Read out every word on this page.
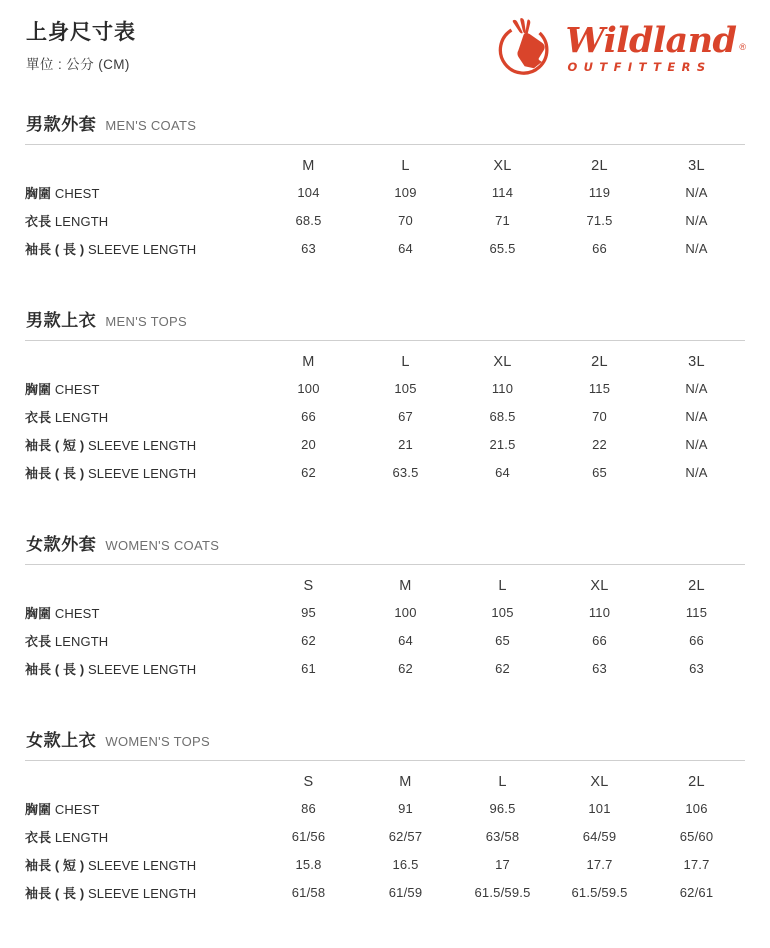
上身尺寸表
單位 : 公分 (CM)
Wildland ®
OUTFITTERS
男款外套 MEN'S COATS
	M	L	XL	2L	3L
胸圍 CHEST	104	109	114	119	N/A
衣長 LENGTH	68.5	70	71	71.5	N/A
袖長 ( 長 ) SLEEVE LENGTH	63	64	65.5	66	N/A
男款上衣 MEN'S TOPS
	M	L	XL	2L	3L
胸圍 CHEST	100	105	110	115	N/A
衣長 LENGTH	66	67	68.5	70	N/A
袖長 ( 短 ) SLEEVE LENGTH	20	21	21.5	22	N/A
袖長 ( 長 ) SLEEVE LENGTH	62	63.5	64	65	N/A
女款外套 WOMEN'S COATS
	S	M	L	XL	2L
胸圍 CHEST	95	100	105	110	115
衣長 LENGTH	62	64	65	66	66
袖長 ( 長 ) SLEEVE LENGTH	61	62	62	63	63
女款上衣 WOMEN'S TOPS
	S	M	L	XL	2L
胸圍 CHEST	86	91	96.5	101	106
衣長 LENGTH	61/56	62/57	63/58	64/59	65/60
袖長 ( 短 ) SLEEVE LENGTH	15.8	16.5	17	17.7	17.7
袖長 ( 長 ) SLEEVE LENGTH	61/58	61/59	61.5/59.5	61.5/59.5	62/61
